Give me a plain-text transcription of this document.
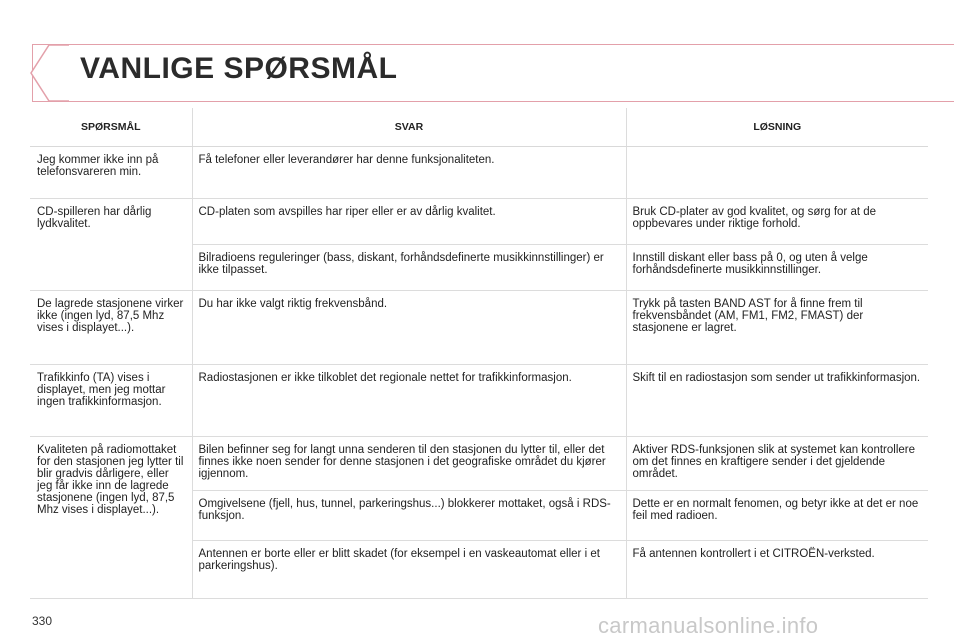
VANLIGE SPØRSMÅL
SPØRSMÅL	SVAR	LØSNING
Jeg kommer ikke inn på telefonsvareren min.	Få telefoner eller leverandører har denne funksjonaliteten.	
CD-spilleren har dårlig lydkvalitet.	CD-platen som avspilles har riper eller er av dårlig kvalitet.	Bruk CD-plater av god kvalitet, og sørg for at de oppbevares under riktige forhold.
	Bilradioens reguleringer (bass, diskant, forhåndsdefinerte musikkinnstillinger) er ikke tilpasset.	Innstill diskant eller bass på 0, og uten å velge forhåndsdefinerte musikkinnstillinger.
De lagrede stasjonene virker ikke (ingen lyd, 87,5 Mhz vises i displayet...).	Du har ikke valgt riktig frekvensbånd.	Trykk på tasten BAND AST for å finne frem til frekvensbåndet (AM, FM1, FM2, FMAST) der stasjonene er lagret.
Trafikkinfo (TA) vises i displayet, men jeg mottar ingen trafikkinformasjon.	Radiostasjonen er ikke tilkoblet det regionale nettet for trafikkinformasjon.	Skift til en radiostasjon som sender ut trafikkinformasjon.
Kvaliteten på radiomottaket for den stasjonen jeg lytter til blir gradvis dårligere, eller jeg får ikke inn de lagrede stasjonene (ingen lyd, 87,5 Mhz vises i displayet...).	Bilen befinner seg for langt unna senderen til den stasjonen du lytter til, eller det finnes ikke noen sender for denne stasjonen i det geografiske området du kjører igjennom.	Aktiver RDS-funksjonen slik at systemet kan kontrollere om det finnes en kraftigere sender i det gjeldende området.
	Omgivelsene (fjell, hus, tunnel, parkeringshus...) blokkerer mottaket, også i RDS-funksjon.	Dette er en normalt fenomen, og betyr ikke at det er noe feil med radioen.
	Antennen er borte eller er blitt skadet (for eksempel i en vaskeautomat eller i et parkeringshus).	Få antennen kontrollert i et CITROËN-verksted.
330	carmanualsonline.info
